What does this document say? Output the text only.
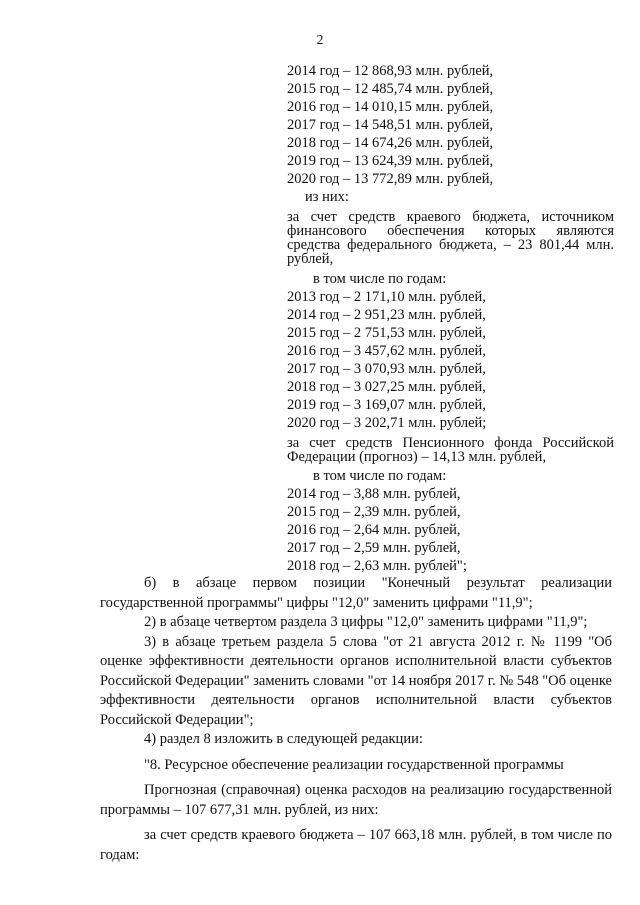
2
2014 год – 12 868,93 млн. рублей,
2015 год – 12 485,74 млн. рублей,
2016 год – 14 010,15 млн. рублей,
2017 год – 14 548,51 млн. рублей,
2018 год – 14 674,26 млн. рублей,
2019 год – 13 624,39 млн. рублей,
2020 год – 13 772,89 млн. рублей,
из них:
за счет средств краевого бюджета, источником финансового обеспечения которых являются средства федерального бюджета, – 23 801,44 млн. рублей,
в том числе по годам:
2013 год – 2 171,10 млн. рублей,
2014 год – 2 951,23 млн. рублей,
2015 год – 2 751,53 млн. рублей,
2016 год – 3 457,62 млн. рублей,
2017 год – 3 070,93 млн. рублей,
2018 год – 3 027,25 млн. рублей,
2019 год – 3 169,07 млн. рублей,
2020 год – 3 202,71 млн. рублей;
за счет средств Пенсионного фонда Российской Федерации (прогноз) – 14,13 млн. рублей,
в том числе по годам:
2014 год – 3,88 млн. рублей,
2015 год – 2,39 млн. рублей,
2016 год – 2,64 млн. рублей,
2017 год – 2,59 млн. рублей,
2018 год – 2,63 млн. рублей";

б) в абзаце первом позиции "Конечный результат реализации государственной программы" цифры "12,0" заменить цифрами "11,9";

2) в абзаце четвертом раздела 3 цифры "12,0" заменить цифрами "11,9";

3) в абзаце третьем раздела 5 слова "от 21 августа 2012 г. № 1199 "Об оценке эффективности деятельности органов исполнительной власти субъектов Российской Федерации" заменить словами "от 14 ноября 2017 г. № 548 "Об оценке эффективности деятельности органов исполнительной власти субъектов Российской Федерации";

4) раздел 8 изложить в следующей редакции:

"8. Ресурсное обеспечение реализации государственной программы

Прогнозная (справочная) оценка расходов на реализацию государственной программы – 107 677,31 млн. рублей, из них:

за счет средств краевого бюджета – 107 663,18 млн. рублей, в том числе по годам:
